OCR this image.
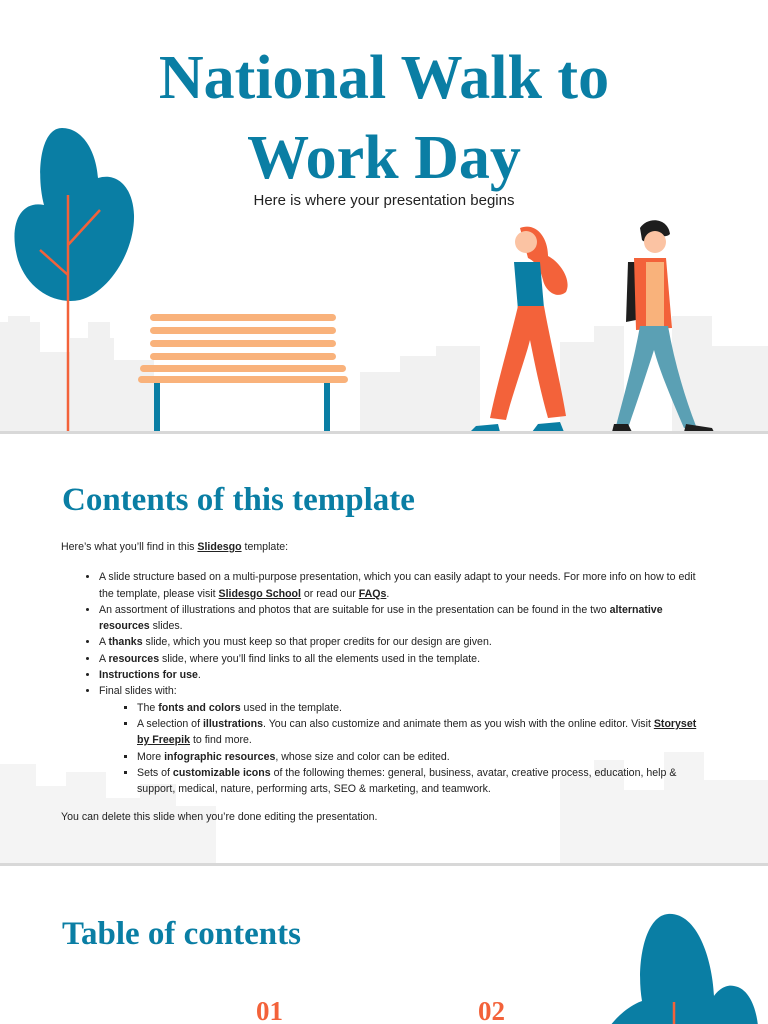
National Walk to
Work Day
Here is where your presentation begins
Contents of this template

Here’s what you’ll find in this Slidesgo template:

• A slide structure based on a multi-purpose presentation, which you can easily adapt to your needs. For more info on how to edit the template, please visit Slidesgo School or read our FAQs.
• An assortment of illustrations and photos that are suitable for use in the presentation can be found in the two alternative resources slides.
• A thanks slide, which you must keep so that proper credits for our design are given.
• A resources slide, where you’ll find links to all the elements used in the template.
• Instructions for use.
• Final slides with:
▪ The fonts and colors used in the template.
▪ A selection of illustrations. You can also customize and animate them as you wish with the online editor. Visit Storyset by Freepik to find more.
▪ More infographic resources, whose size and color can be edited.
▪ Sets of customizable icons of the following themes: general, business, avatar, creative process, education, help & support, medical, nature, performing arts, SEO & marketing, and teamwork.

You can delete this slide when you’re done editing the presentation.

Table of contents
01	02
